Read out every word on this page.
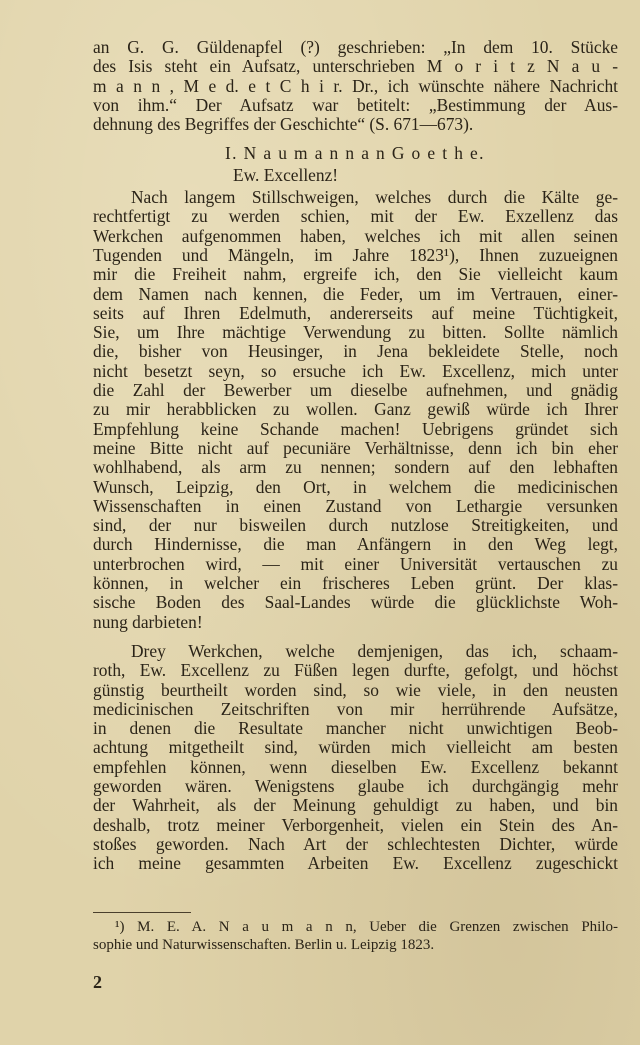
an G. G. Güldenapfel (?) geschrieben: „In dem 10. Stücke
des Isis steht ein Aufsatz, unterschrieben M o r i t z N a u -
m a n n , M e d. e t C h i r. Dr., ich wünschte nähere Nachricht
von ihm.“ Der Aufsatz war betitelt: „Bestimmung der Aus-
dehnung des Begriffes der Geschichte“ (S. 671—673).
I. N a u m a n n a n G o e t h e.
Ew. Excellenz!
Nach langem Stillschweigen, welches durch die Kälte ge-
rechtfertigt zu werden schien, mit der Ew. Exzellenz das
Werkchen aufgenommen haben, welches ich mit allen seinen
Tugenden und Mängeln, im Jahre 1823¹), Ihnen zuzueignen
mir die Freiheit nahm, ergreife ich, den Sie vielleicht kaum
dem Namen nach kennen, die Feder, um im Vertrauen, einer-
seits auf Ihren Edelmuth, andererseits auf meine Tüchtigkeit,
Sie, um Ihre mächtige Verwendung zu bitten. Sollte nämlich
die, bisher von Heusinger, in Jena bekleidete Stelle, noch
nicht besetzt seyn, so ersuche ich Ew. Excellenz, mich unter
die Zahl der Bewerber um dieselbe aufnehmen, und gnädig
zu mir herabblicken zu wollen. Ganz gewiß würde ich Ihrer
Empfehlung keine Schande machen! Uebrigens gründet sich
meine Bitte nicht auf pecuniäre Verhältnisse, denn ich bin eher
wohlhabend, als arm zu nennen; sondern auf den lebhaften
Wunsch, Leipzig, den Ort, in welchem die medicinischen
Wissenschaften in einen Zustand von Lethargie versunken
sind, der nur bisweilen durch nutzlose Streitigkeiten, und
durch Hindernisse, die man Anfängern in den Weg legt,
unterbrochen wird, — mit einer Universität vertauschen zu
können, in welcher ein frischeres Leben grünt. Der klas-
sische Boden des Saal-Landes würde die glücklichste Woh-
nung darbieten!
Drey Werkchen, welche demjenigen, das ich, schaam-
roth, Ew. Excellenz zu Füßen legen durfte, gefolgt, und höchst
günstig beurtheilt worden sind, so wie viele, in den neusten
medicinischen Zeitschriften von mir herrührende Aufsätze,
in denen die Resultate mancher nicht unwichtigen Beob-
achtung mitgetheilt sind, würden mich vielleicht am besten
empfehlen können, wenn dieselben Ew. Excellenz bekannt
geworden wären. Wenigstens glaube ich durchgängig mehr
der Wahrheit, als der Meinung gehuldigt zu haben, und bin
deshalb, trotz meiner Verborgenheit, vielen ein Stein des An-
stoßes geworden. Nach Art der schlechtesten Dichter, würde
ich meine gesammten Arbeiten Ew. Excellenz zugeschickt
¹) M. E. A. N a u m a n n, Ueber die Grenzen zwischen Philo-
sophie und Naturwissenschaften. Berlin u. Leipzig 1823.
2
